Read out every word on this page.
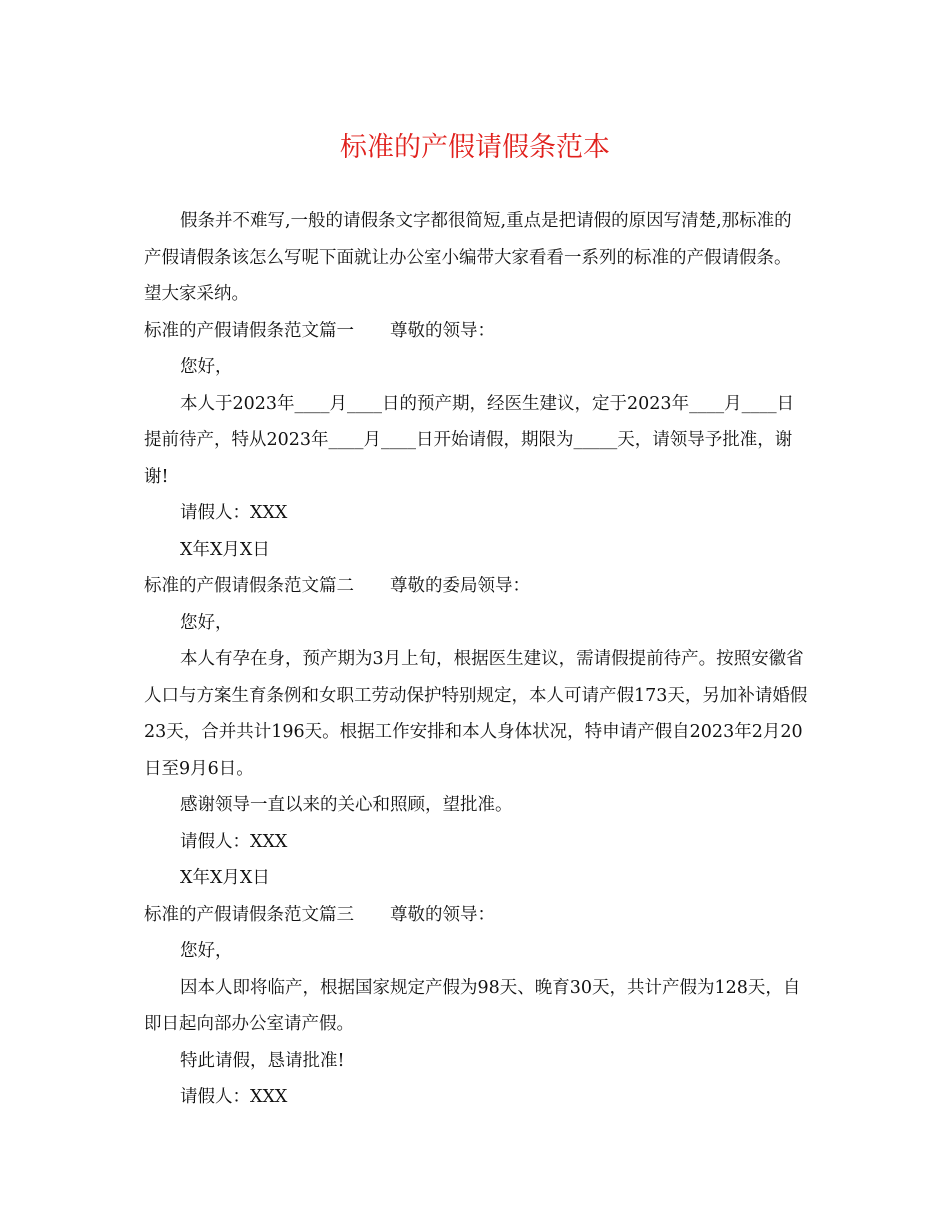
标准的产假请假条范本

假条并不难写,一般的请假条文字都很简短,重点是把请假的原因写清楚,那标准的产假请假条该怎么写呢下面就让办公室小编带大家看看一系列的标准的产假请假条。望大家采纳。

标准的产假请假条范文篇一 尊敬的领导：

您好，

本人于2023年____月____日的预产期，经医生建议，定于2023年____月____日提前待产，特从2023年____月____日开始请假，期限为_____天，请领导予批准，谢谢!

请假人：XXX

X年X月X日

标准的产假请假条范文篇二 尊敬的委局领导：

您好，

本人有孕在身，预产期为3月上旬，根据医生建议，需请假提前待产。按照安徽省人口与方案生育条例和女职工劳动保护特别规定，本人可请产假173天，另加补请婚假23天，合并共计196天。根据工作安排和本人身体状况，特申请产假自2023年2月20日至9月6日。

感谢领导一直以来的关心和照顾，望批准。

请假人：XXX

X年X月X日

标准的产假请假条范文篇三 尊敬的领导：

您好，

因本人即将临产，根据国家规定产假为98天、晚育30天，共计产假为128天，自即日起向部办公室请产假。

特此请假，恳请批准!

请假人：XXX
